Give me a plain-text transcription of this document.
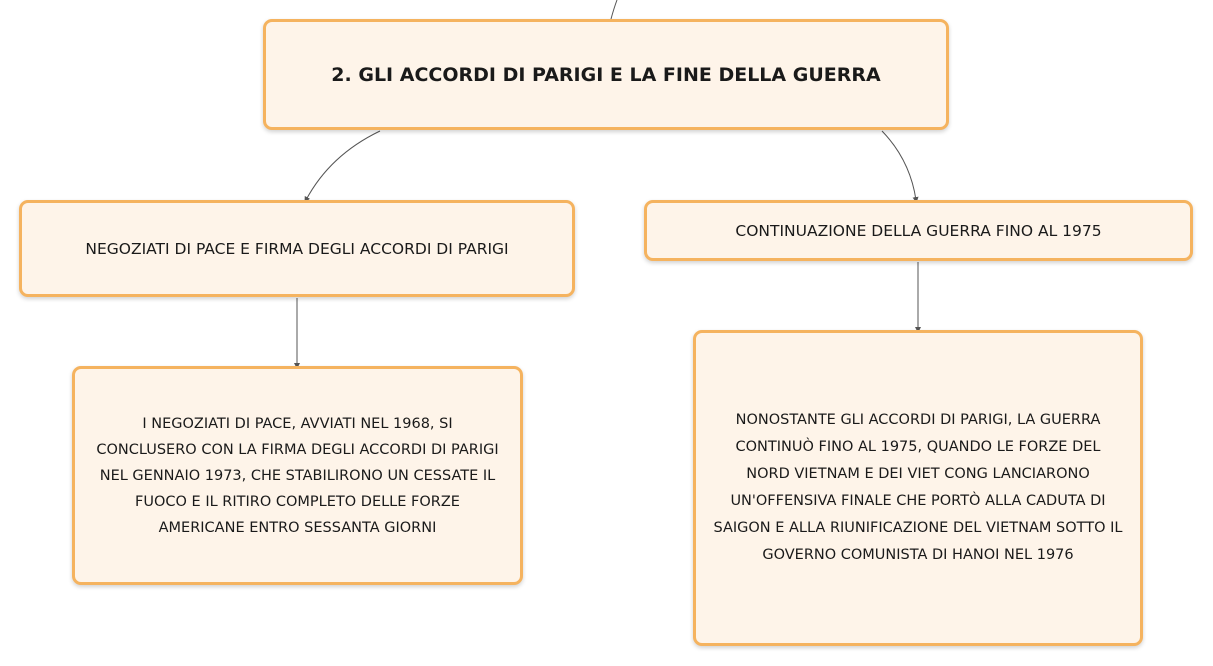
2. GLI ACCORDI DI PARIGI E LA FINE DELLA GUERRA
NEGOZIATI DI PACE E FIRMA DEGLI ACCORDI DI PARIGI
CONTINUAZIONE DELLA GUERRA FINO AL 1975
I NEGOZIATI DI PACE, AVVIATI NEL 1968, SI CONCLUSERO CON LA FIRMA DEGLI ACCORDI DI PARIGI NEL GENNAIO 1973, CHE STABILIRONO UN CESSATE IL FUOCO E IL RITIRO COMPLETO DELLE FORZE AMERICANE ENTRO SESSANTA GIORNI
NONOSTANTE GLI ACCORDI DI PARIGI, LA GUERRA CONTINUÒ FINO AL 1975, QUANDO LE FORZE DEL NORD VIETNAM E DEI VIET CONG LANCIARONO UN'OFFENSIVA FINALE CHE PORTÒ ALLA CADUTA DI SAIGON E ALLA RIUNIFICAZIONE DEL VIETNAM SOTTO IL GOVERNO COMUNISTA DI HANOI NEL 1976
